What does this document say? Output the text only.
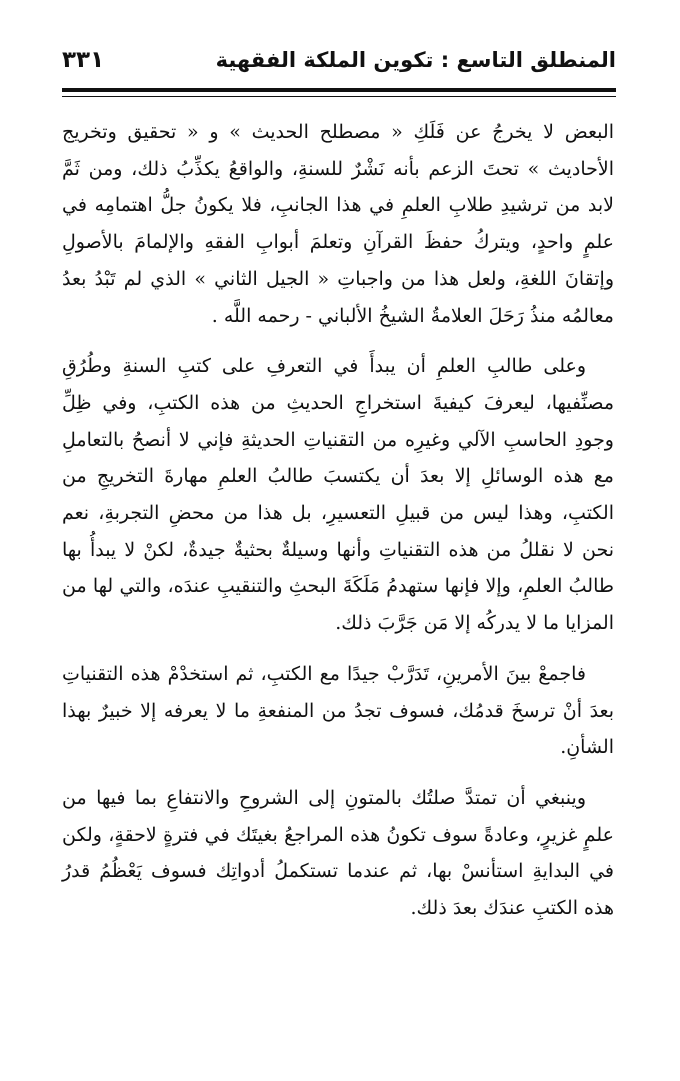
المنطلق التاسع : تكوين الملكة الفقهية
٣٣١

البعض لا يخرجُ عن فَلَكِ « مصطلح الحديث » و « تحقيق وتخريج الأحاديث » تحتَ الزعم بأنه نَشْرٌ للسنةِ، والواقعُ يكذِّبُ ذلك، ومن ثَمَّ لابد من ترشيدِ طلابِ العلمِ في هذا الجانبِ، فلا يكونُ جلُّ اهتمامِه في علمٍ واحدٍ، ويتركُ حفظَ القرآنِ وتعلمَ أبوابِ الفقهِ والإلمامَ بالأصولِ وإتقانَ اللغةِ، ولعل هذا من واجباتِ « الجيل الثاني » الذي لم تَبْدُ بعدُ معالمُه منذُ رَحَلَ العلامةُ الشيخُ الألباني - رحمه اللَّه .

وعلى طالبِ العلمِ أن يبدأَ في التعرفِ على كتبِ السنةِ وطُرُقِ مصنِّفيها، ليعرفَ كيفيةَ استخراجِ الحديثِ من هذه الكتبِ، وفي ظِلِّ وجودِ الحاسبِ الآلي وغيرِه من التقنياتِ الحديثةِ فإني لا أنصحُ بالتعاملِ مع هذه الوسائلِ إلا بعدَ أن يكتسبَ طالبُ العلمِ مهارةَ التخريجِ من الكتبِ، وهذا ليس من قبيلِ التعسيرِ، بل هذا من محضِ التجربةِ، نعم نحن لا نقللُ من هذه التقنياتِ وأنها وسيلةٌ بحثيةٌ جيدةٌ، لكنْ لا يبدأُ بها طالبُ العلمِ، وإلا فإنها ستهدمُ مَلَكَةَ البحثِ والتنقيبِ عندَه، والتي لها من المزايا ما لا يدركُه إلا مَن جَرَّبَ ذلك.

فاجمعْ بينَ الأمرينِ، تَدَرَّبْ جيدًا مع الكتبِ، ثم استخدْمْ هذه التقنياتِ بعدَ أنْ ترسخَ قدمُك، فسوف تجدُ من المنفعةِ ما لا يعرفه إلا خبيرٌ بهذا الشأنِ.

وينبغي أن تمتدَّ صلتُك بالمتونِ إلى الشروحِ والانتفاعِ بما فيها من علمٍ غزيرٍ، وعادةً سوف تكونُ هذه المراجعُ بغيتَك في فترةٍ لاحقةٍ، ولكن في البدايةِ استأنسْ بها، ثم عندما تستكملُ أدواتِك فسوف يَعْظُمُ قدرُ هذه الكتبِ عندَك بعدَ ذلك.
